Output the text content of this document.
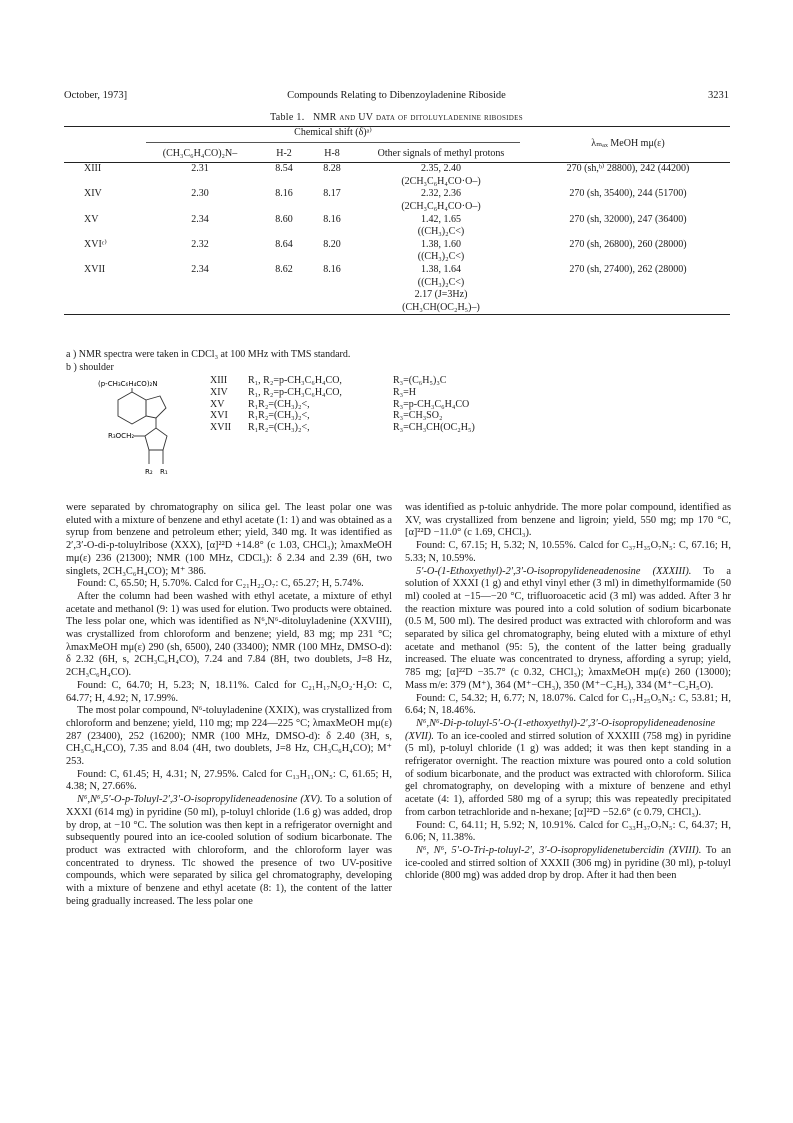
October, 1973]	Compounds Relating to Dibenzoyladenine Riboside	3231
Table 1. NMR and UV data of ditoluyladenine ribosides
	Chemical shift (δ)ᵃ⁾				λₘₐₓ MeOH mμ(ε)
	(CH₃C₆H₄CO)₂N–	H-2	H-8	Other signals of methyl protons	
XIII	2.31	8.54	8.28	2.35, 2.40
(2CH₃C₆H₄CO·O–)	270 (sh,ᵇ⁾ 28800), 242 (44200)
XIV	2.30	8.16	8.17	2.32, 2.36
(2CH₃C₆H₄CO·O–)	270 (sh, 35400), 244 (51700)
XV	2.34	8.60	8.16	1.42, 1.65
((CH₃)₂C<)	270 (sh, 32000), 247 (36400)
XVIᶜ⁾	2.32	8.64	8.20	1.38, 1.60
((CH₃)₂C<)	270 (sh, 26800), 260 (28000)
XVII	2.34	8.62	8.16	1.38, 1.64
((CH₃)₂C<)
2.17 (J=3Hz)
(CH₃CH(OC₂H₅)–)	270 (sh, 27400), 262 (28000)
a ) NMR spectra were taken in CDCl₃ at 100 MHz with TMS standard.
b ) shoulder
(p-CH₃C₆H₄CO)₂N
R₃OCH₂
R₂ R₁
XIII R₁, R₂=p-CH₃C₆H₄CO,	R₃=(C₆H₅)₃C
XIV R₁, R₂=p-CH₃C₆H₄CO,	R₃=H
XV R₁R₂=(CH₃)₂<,	R₃=p-CH₃C₆H₄CO
XVI R₁R₂=(CH₃)₂<,	R₃=CH₃SO₂
XVII R₁R₂=(CH₃)₂<,	R₃=CH₃CH(OC₂H₅)

were separated by chromatography on silica gel. The least polar one was eluted with a mixture of benzene and ethyl acetate (1: 1) and was obtained as a syrup from benzene and petroleum ether; yield, 340 mg. It was identified as 2′,3′-O-di-p-toluylribose (XXX), [α]²²D +14.8° (c 1.03, CHCl₃); λmaxMeOH mμ(ε) 236 (21300); NMR (100 MHz, CDCl₃): δ 2.34 and 2.39 (6H, two singlets, 2CH₃C₆H₄CO); M⁺ 386.

Found: C, 65.50; H, 5.70%. Calcd for C₂₁H₂₂O₇: C, 65.27; H, 5.74%.

After the column had been washed with ethyl acetate, a mixture of ethyl acetate and methanol (9: 1) was used for elution. Two products were obtained. The less polar one, which was identified as N⁶,N⁶-ditoluyladenine (XXVIII), was crystallized from chloroform and benzene; yield, 83 mg; mp 231 °C; λmaxMeOH mμ(ε) 290 (sh, 6500), 240 (33400); NMR (100 MHz, DMSO-d): δ 2.32 (6H, s, 2CH₃C₆H₄CO), 7.24 and 7.84 (8H, two doublets, J=8 Hz, 2CH₃C₆H₄CO).

Found: C, 64.70; H, 5.23; N, 18.11%. Calcd for C₂₁H₁₇N₅O₂·H₂O: C, 64.77; H, 4.92; N, 17.99%.

The most polar compound, N⁶-toluyladenine (XXIX), was crystallized from chloroform and benzene; yield, 110 mg; mp 224—225 °C; λmaxMeOH mμ(ε) 287 (23400), 252 (16200); NMR (100 MHz, DMSO-d): δ 2.40 (3H, s, CH₃C₆H₄CO), 7.35 and 8.04 (4H, two doublets, J=8 Hz, CH₃C₆H₄CO); M⁺ 253.

Found: C, 61.45; H, 4.31; N, 27.95%. Calcd for C₁₃H₁₁ON₅: C, 61.65; H, 4.38; N, 27.66%.

N⁶,N⁶,5′-O-p-Toluyl-2′,3′-O-isopropylideneadenosine (XV). To a solution of XXXI (614 mg) in pyridine (50 ml), p-toluyl chloride (1.6 g) was added, drop by drop, at −10 °C. The solution was then kept in a refrigerator overnight and subsequently poured into an ice-cooled solution of sodium bicarbonate. The product was extracted with chloroform, and the chloroform layer was concentrated to dryness. Tlc showed the presence of two UV-positive compounds, which were separated by silica gel chromatography, developing with a mixture of benzene and ethyl acetate (8: 1), the content of the latter being gradually increased. The less polar one

was identified as p-toluic anhydride. The more polar compound, identified as XV, was crystallized from benzene and ligroin; yield, 550 mg; mp 170 °C, [α]²²D −11.0° (c 1.69, CHCl₃).

Found: C, 67.15; H, 5.32; N, 10.55%. Calcd for C₃₇H₃₅O₇N₅: C, 67.16; H, 5.33; N, 10.59%.

5′-O-(1-Ethoxyethyl)-2′,3′-O-isopropylideneadenosine (XXXIII). To a solution of XXXI (1 g) and ethyl vinyl ether (3 ml) in dimethylformamide (50 ml) cooled at −15—−20 °C, trifluoroacetic acid (3 ml) was added. After 3 hr the reaction mixture was poured into a cold solution of sodium bicarbonate (0.5 M, 500 ml). The desired product was extracted with chloroform and was separated by silica gel chromatography, being eluted with a mixture of ethyl acetate and methanol (95: 5), the content of the latter being gradually increased. The eluate was concentrated to dryness, affording a syrup; yield, 785 mg; [α]²²D −35.7° (c 0.32, CHCl₃); λmaxMeOH mμ(ε) 260 (13000); Mass m/e: 379 (M⁺), 364 (M⁺−CH₃), 350 (M⁺−C₂H₅), 334 (M⁺−C₂H₅O).

Found: C, 54.32; H, 6.77; N, 18.07%. Calcd for C₁₇H₂₅O₅N₅: C, 53.81; H, 6.64; N, 18.46%.

N⁶,N⁶-Di-p-toluyl-5′-O-(1-ethoxyethyl)-2′,3′-O-isopropylideneadenosine (XVII). To an ice-cooled and stirred solution of XXXIII (758 mg) in pyridine (5 ml), p-toluyl chloride (1 g) was added; it was then kept standing in a refrigerator overnight. The reaction mixture was poured onto a cold solution of sodium bicarbonate, and the product was extracted with chloroform. Silica gel chromatography, on developing with a mixture of benzene and ethyl acetate (4: 1), afforded 580 mg of a syrup; this was repeatedly precipitated from carbon tetrachloride and n-hexane; [α]²²D −52.6° (c 0.79, CHCl₃).

Found: C, 64.11; H, 5.92; N, 10.91%. Calcd for C₃₃H₃₇O₇N₅: C, 64.37; H, 6.06; N, 11.38%.

N⁶, N⁶, 5′-O-Tri-p-toluyl-2′, 3′-O-isopropylidenetubercidin (XVIII). To an ice-cooled and stirred soltion of XXXII (306 mg) in pyridine (30 ml), p-toluyl chloride (800 mg) was added drop by drop. After it had then been
